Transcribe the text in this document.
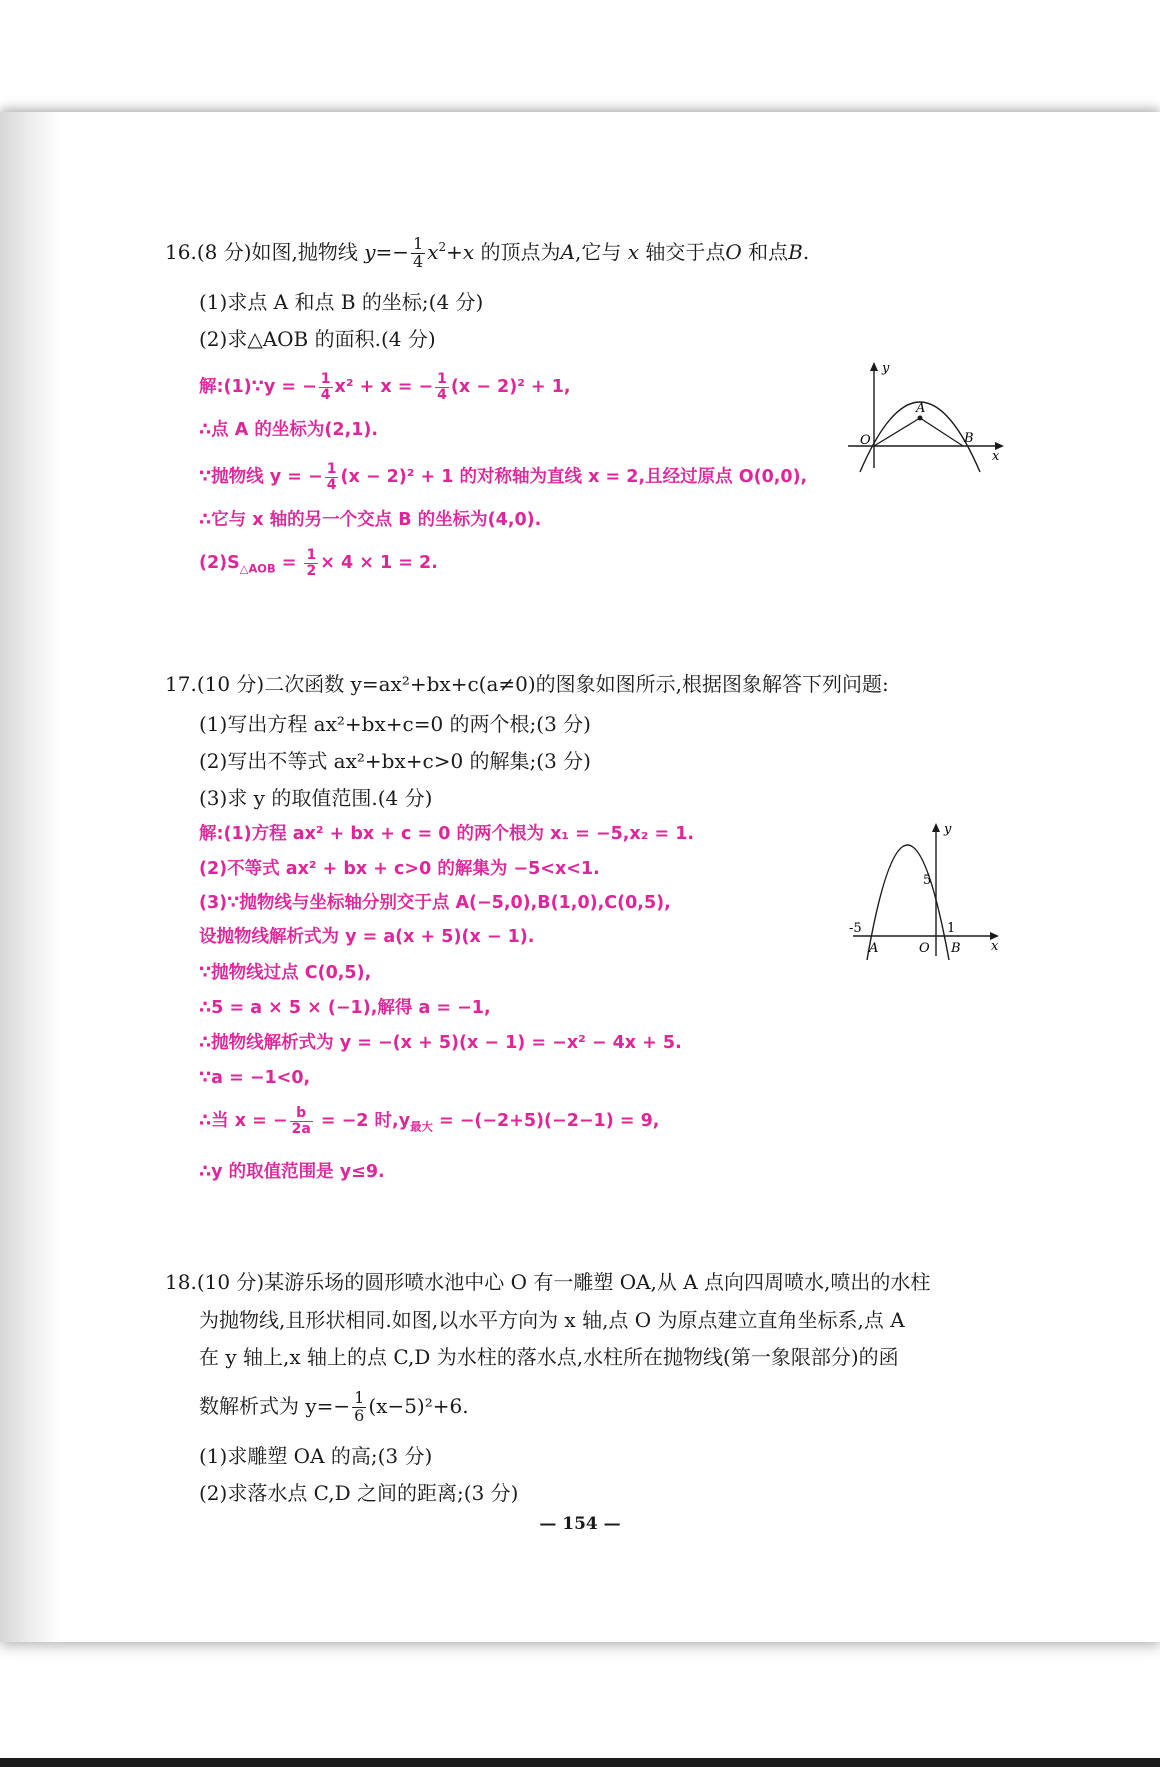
16.(8 分)如图,抛物线 $y=- \frac{1}{4} x^2+x$ 的顶点为A,它与 x 轴交于点O 和点B.
(1)求点 A 和点 B 的坐标;(4 分)
(2)求△AOB 的面积.(4 分)
解:(1)∵y = − $\frac{1}{4} x^2 + x$ = − $\frac{1}{4} (x - 2)^2 + 1$,
∴点 A 的坐标为(2,1).
∵抛物线 y = − $\frac{1}{4} (x - 2)^2 + 1$ 的对称轴为直线 x = 2,且经过原点 O(0,0),
∴它与 x 轴的另一个交点 B 的坐标为(4,0).
$(2)S_{\triangle AOB} = \frac{1}{2} \times 4 \times 1 = 2$.
y
x
O
A
B
17.(10 分)二次函数 y=ax²+bx+c(a≠0)的图象如图所示,根据图象解答下列问题:
(1)写出方程 ax²+bx+c=0 的两个根;(3 分)
(2)写出不等式 ax²+bx+c>0 的解集;(3 分)
(3)求 y 的取值范围.(4 分)
解:(1)方程 ax² + bx + c = 0 的两个根为 x₁ = −5,x₂ = 1.
(2)不等式 ax² + bx + c>0 的解集为 −5<x<1.
(3)∵抛物线与坐标轴分别交于点 A(−5,0),B(1,0),C(0,5),
设抛物线解析式为 y = a(x + 5)(x − 1).
∵抛物线过点 C(0,5),
∴5 = a × 5 × (−1),解得 a = −1,
∴抛物线解析式为 y = −(x + 5)(x − 1) = −x² − 4x + 5.
∵a = −1<0,
∴当 x = − $\frac{b}{2a} = -2$ 时$,y_{最大} = -(-2+5)(-2-1) = 9$,
∴y 的取值范围是 y≤9.
y
x
5
-5	1
A	O B
18.(10 分)某游乐场的圆形喷水池中心 O 有一雕塑 OA,从 A 点向四周喷水,喷出的水柱
为抛物线,且形状相同.如图,以水平方向为 x 轴,点 O 为原点建立直角坐标系,点 A
在 y 轴上,x 轴上的点 C,D 为水柱的落水点,水柱所在抛物线(第一象限部分)的函
数解析式为 $y=- \frac{1}{6} (x-5)^2+6$.
(1)求雕塑 OA 的高;(3 分)
(2)求落水点 C,D 之间的距离;(3 分)
— 154 —
